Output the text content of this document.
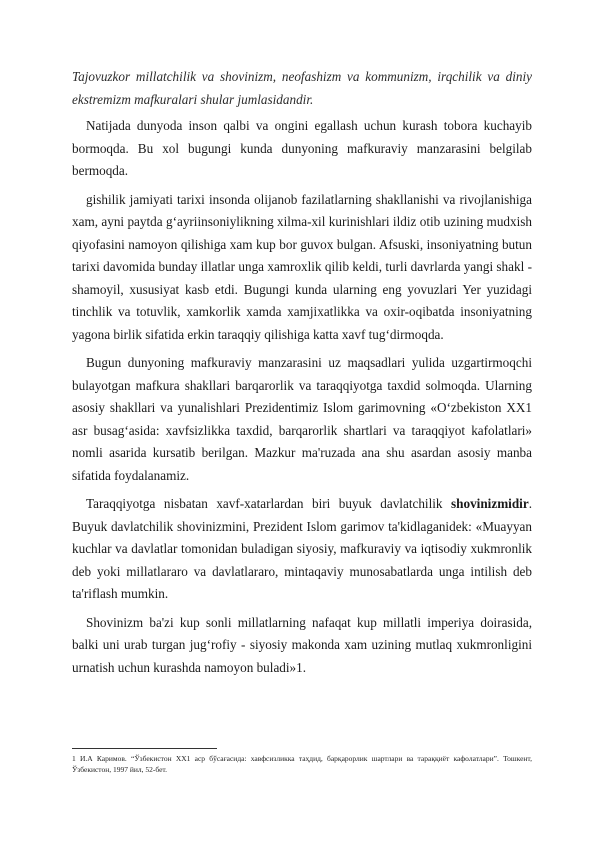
Tajovuzkor millatchilik va shovinizm, neofashizm va kommunizm, irqchilik va diniy ekstremizm mafkuralari shular jumlasidandir.

Natijada dunyoda inson qalbi va ongini egallash uchun kurash tobora kuchayib bormoqda. Bu xol bugungi kunda dunyoning mafkuraviy manzarasini belgilab bermoqda.

gishilik jamiyati tarixi insonda olijanob fazilatlarning shakllanishi va rivojlanishiga xam, ayni paytda g‘ayriinsoniylikning xilma-xil kurinishlari ildiz otib uzining mudxish qiyofasini namoyon qilishiga xam kup bor guvox bulgan. Afsuski, insoniyatning butun tarixi davomida bunday illatlar unga xamroxlik qilib keldi, turli davrlarda yangi shakl - shamoyil, xususiyat kasb etdi. Bugungi kunda ularning eng yovuzlari Yer yuzidagi tinchlik va totuvlik, xamkorlik xamda xamjixatlikka va oxir-oqibatda insoniyatning yagona birlik sifatida erkin taraqqiy qilishiga katta xavf tug‘dirmoqda.

Bugun dunyoning mafkuraviy manzarasini uz maqsadlari yulida uzgartirmoqchi bulayotgan mafkura shakllari barqarorlik va taraqqiyotga taxdid solmoqda. Ularning asosiy shakllari va yunalishlari Prezidentimiz Islom garimovning «O‘zbekiston XX1 asr busag‘asida: xavfsizlikka taxdid, barqarorlik shartlari va taraqqiyot kafolatlari» nomli asarida kursatib berilgan. Mazkur ma'ruzada ana shu asardan asosiy manba sifatida foydalanamiz.

Taraqqiyotga nisbatan xavf-xatarlardan biri buyuk davlatchilik shovinizmidir. Buyuk davlatchilik shovinizmini, Prezident Islom garimov ta'kidlaganidek: «Muayyan kuchlar va davlatlar tomonidan buladigan siyosiy, mafkuraviy va iqtisodiy xukmronlik deb yoki millatlararo va davlatlararo, mintaqaviy munosabatlarda unga intilish deb ta'riflash mumkin.

Shovinizm ba'zi kup sonli millatlarning nafaqat kup millatli imperiya doirasida, balki uni urab turgan jug‘rofiy - siyosiy makonda xam uzining mutlaq xukmronligini urnatish uchun kurashda namoyon buladi»1.

1 И.А Каримов. “Ўзбекистон ХХ1 аср бўсағасида: хавфсизликка таҳдид, барқарорлик шартлари ва тараққиёт кафолатлари”. Тошкент, Ўзбекистон, 1997 йил, 52-бет.
